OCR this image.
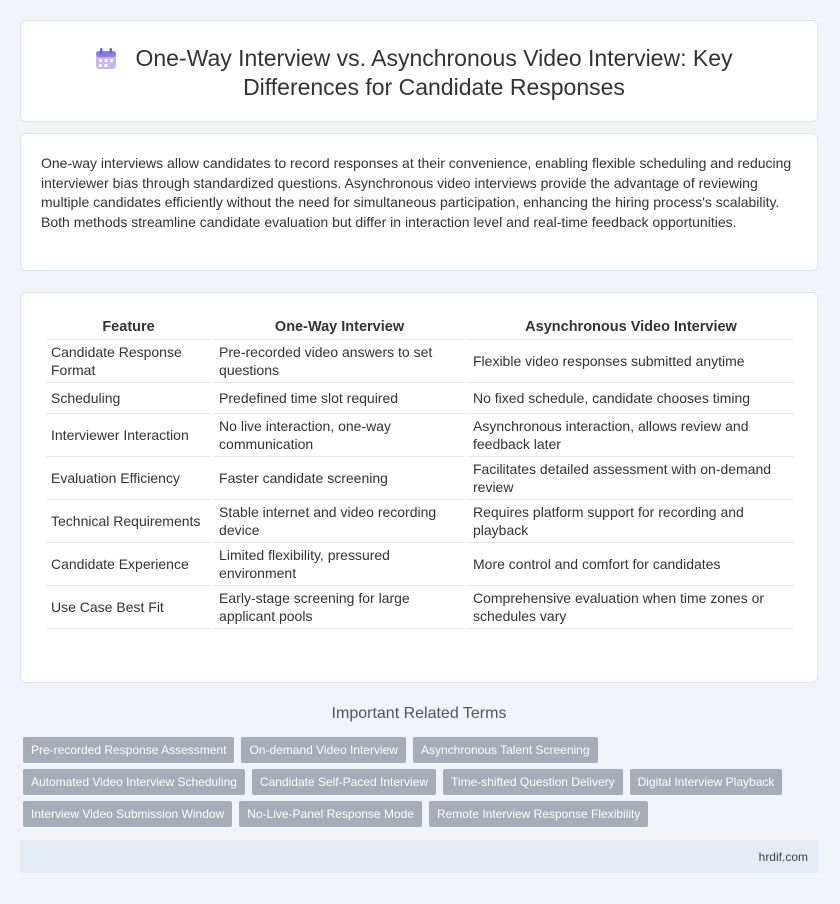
One-Way Interview vs. Asynchronous Video Interview: Key Differences for Candidate Responses

One-way interviews allow candidates to record responses at their convenience, enabling flexible scheduling and reducing interviewer bias through standardized questions. Asynchronous video interviews provide the advantage of reviewing multiple candidates efficiently without the need for simultaneous participation, enhancing the hiring process's scalability. Both methods streamline candidate evaluation but differ in interaction level and real-time feedback opportunities.

Feature	One-Way Interview	Asynchronous Video Interview
Candidate Response Format	Pre-recorded video answers to set questions	Flexible video responses submitted anytime
Scheduling	Predefined time slot required	No fixed schedule, candidate chooses timing
Interviewer Interaction	No live interaction, one-way communication	Asynchronous interaction, allows review and feedback later
Evaluation Efficiency	Faster candidate screening	Facilitates detailed assessment with on-demand review
Technical Requirements	Stable internet and video recording device	Requires platform support for recording and playback
Candidate Experience	Limited flexibility, pressured environment	More control and comfort for candidates
Use Case Best Fit	Early-stage screening for large applicant pools	Comprehensive evaluation when time zones or schedules vary
Important Related Terms
Pre-recorded Response Assessment	On-demand Video Interview	Asynchronous Talent Screening
Automated Video Interview Scheduling	Candidate Self-Paced Interview	Time-shifted Question Delivery	Digital Interview Playback
Interview Video Submission Window	No-Live-Panel Response Mode	Remote Interview Response Flexibility
hrdif.com
